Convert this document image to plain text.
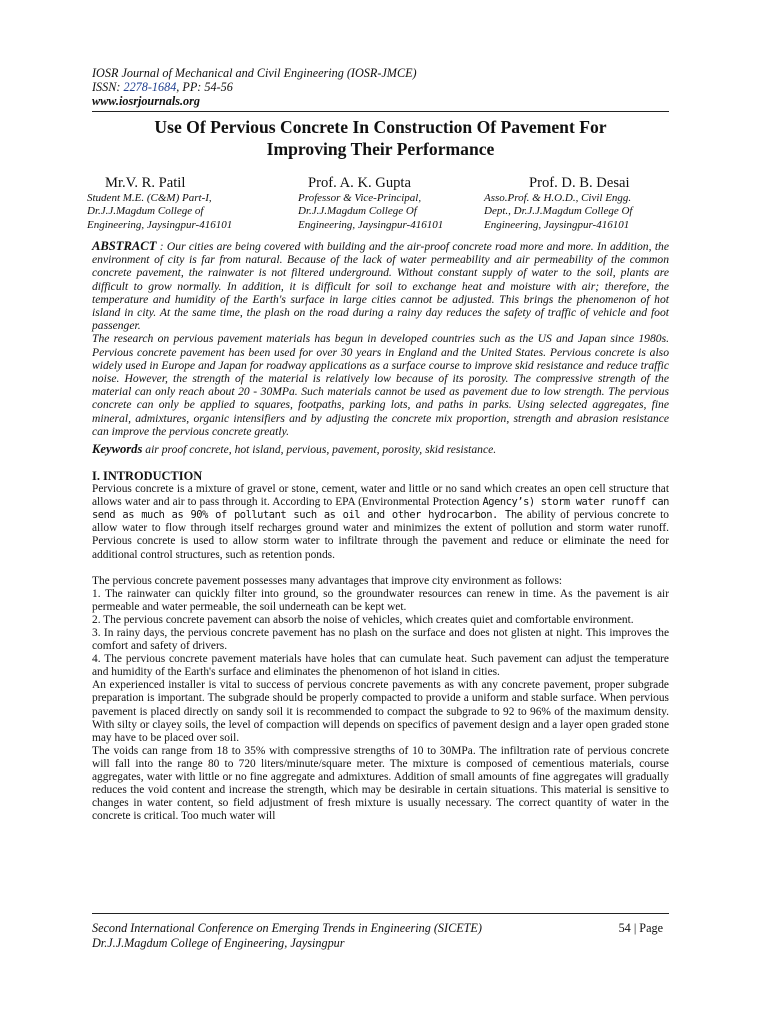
IOSR Journal of Mechanical and Civil Engineering (IOSR-JMCE)
ISSN: 2278-1684, PP: 54-56
www.iosrjournals.org
Use Of Pervious Concrete In Construction Of Pavement For
Improving Their Performance
Mr.V. R. Patil
Student M.E. (C&M) Part-I,
Dr.J.J.Magdum College of
Engineering, Jaysingpur-416101
Prof. A. K. Gupta
Professor & Vice-Principal,
Dr.J.J.Magdum College Of
Engineering, Jaysingpur-416101
Prof. D. B. Desai
Asso.Prof. & H.O.D., Civil Engg.
Dept., Dr.J.J.Magdum College Of
Engineering, Jaysingpur-416101

ABSTRACT : Our cities are being covered with building and the air-proof concrete road more and more. In addition, the environment of city is far from natural. Because of the lack of water permeability and air permeability of the common concrete pavement, the rainwater is not filtered underground. Without constant supply of water to the soil, plants are difficult to grow normally. In addition, it is difficult for soil to exchange heat and moisture with air; therefore, the temperature and humidity of the Earth's surface in large cities cannot be adjusted. This brings the phenomenon of hot island in city. At the same time, the plash on the road during a rainy day reduces the safety of traffic of vehicle and foot passenger.

The research on pervious pavement materials has begun in developed countries such as the US and Japan since 1980s. Pervious concrete pavement has been used for over 30 years in England and the United States. Pervious concrete is also widely used in Europe and Japan for roadway applications as a surface course to improve skid resistance and reduce traffic noise. However, the strength of the material is relatively low because of its porosity. The compressive strength of the material can only reach about 20 - 30MPa. Such materials cannot be used as pavement due to low strength. The pervious concrete can only be applied to squares, footpaths, parking lots, and paths in parks. Using selected aggregates, fine mineral, admixtures, organic intensifiers and by adjusting the concrete mix proportion, strength and abrasion resistance can improve the pervious concrete greatly.

Keywords air proof concrete, hot island, pervious, pavement, porosity, skid resistance.
I. INTRODUCTION

Pervious concrete is a mixture of gravel or stone, cement, water and little or no sand which creates an open cell structure that allows water and air to pass through it. According to EPA (Environmental Protection Agency’s) storm water runoff can send as much as 90% of pollutant such as oil and other hydrocarbon. The ability of pervious concrete to allow water to flow through itself recharges ground water and minimizes the extent of pollution and storm water runoff. Pervious concrete is used to allow storm water to infiltrate through the pavement and reduce or eliminate the need for additional control structures, such as retention ponds.

The pervious concrete pavement possesses many advantages that improve city environment as follows:

1. The rainwater can quickly filter into ground, so the groundwater resources can renew in time. As the pavement is air permeable and water permeable, the soil underneath can be kept wet.

2. The pervious concrete pavement can absorb the noise of vehicles, which creates quiet and comfortable environment.

3. In rainy days, the pervious concrete pavement has no plash on the surface and does not glisten at night. This improves the comfort and safety of drivers.

4. The pervious concrete pavement materials have holes that can cumulate heat. Such pavement can adjust the temperature and humidity of the Earth's surface and eliminates the phenomenon of hot island in cities.

An experienced installer is vital to success of pervious concrete pavements as with any concrete pavement, proper subgrade preparation is important. The subgrade should be properly compacted to provide a uniform and stable surface. When pervious pavement is placed directly on sandy soil it is recommended to compact the subgrade to 92 to 96% of the maximum density. With silty or clayey soils, the level of compaction will depends on specifics of pavement design and a layer open graded stone may have to be placed over soil.

The voids can range from 18 to 35% with compressive strengths of 10 to 30MPa. The infiltration rate of pervious concrete will fall into the range 80 to 720 liters/minute/square meter. The mixture is composed of cementious materials, course aggregates, water with little or no fine aggregate and admixtures. Addition of small amounts of fine aggregates will gradually reduces the void content and increase the strength, which may be desirable in certain situations. This material is sensitive to changes in water content, so field adjustment of fresh mixture is usually necessary. The correct quantity of water in the concrete is critical. Too much water will

Second International Conference on Emerging Trends in Engineering (SICETE)
Dr.J.J.Magdum College of Engineering, Jaysingpur
54 | Page
